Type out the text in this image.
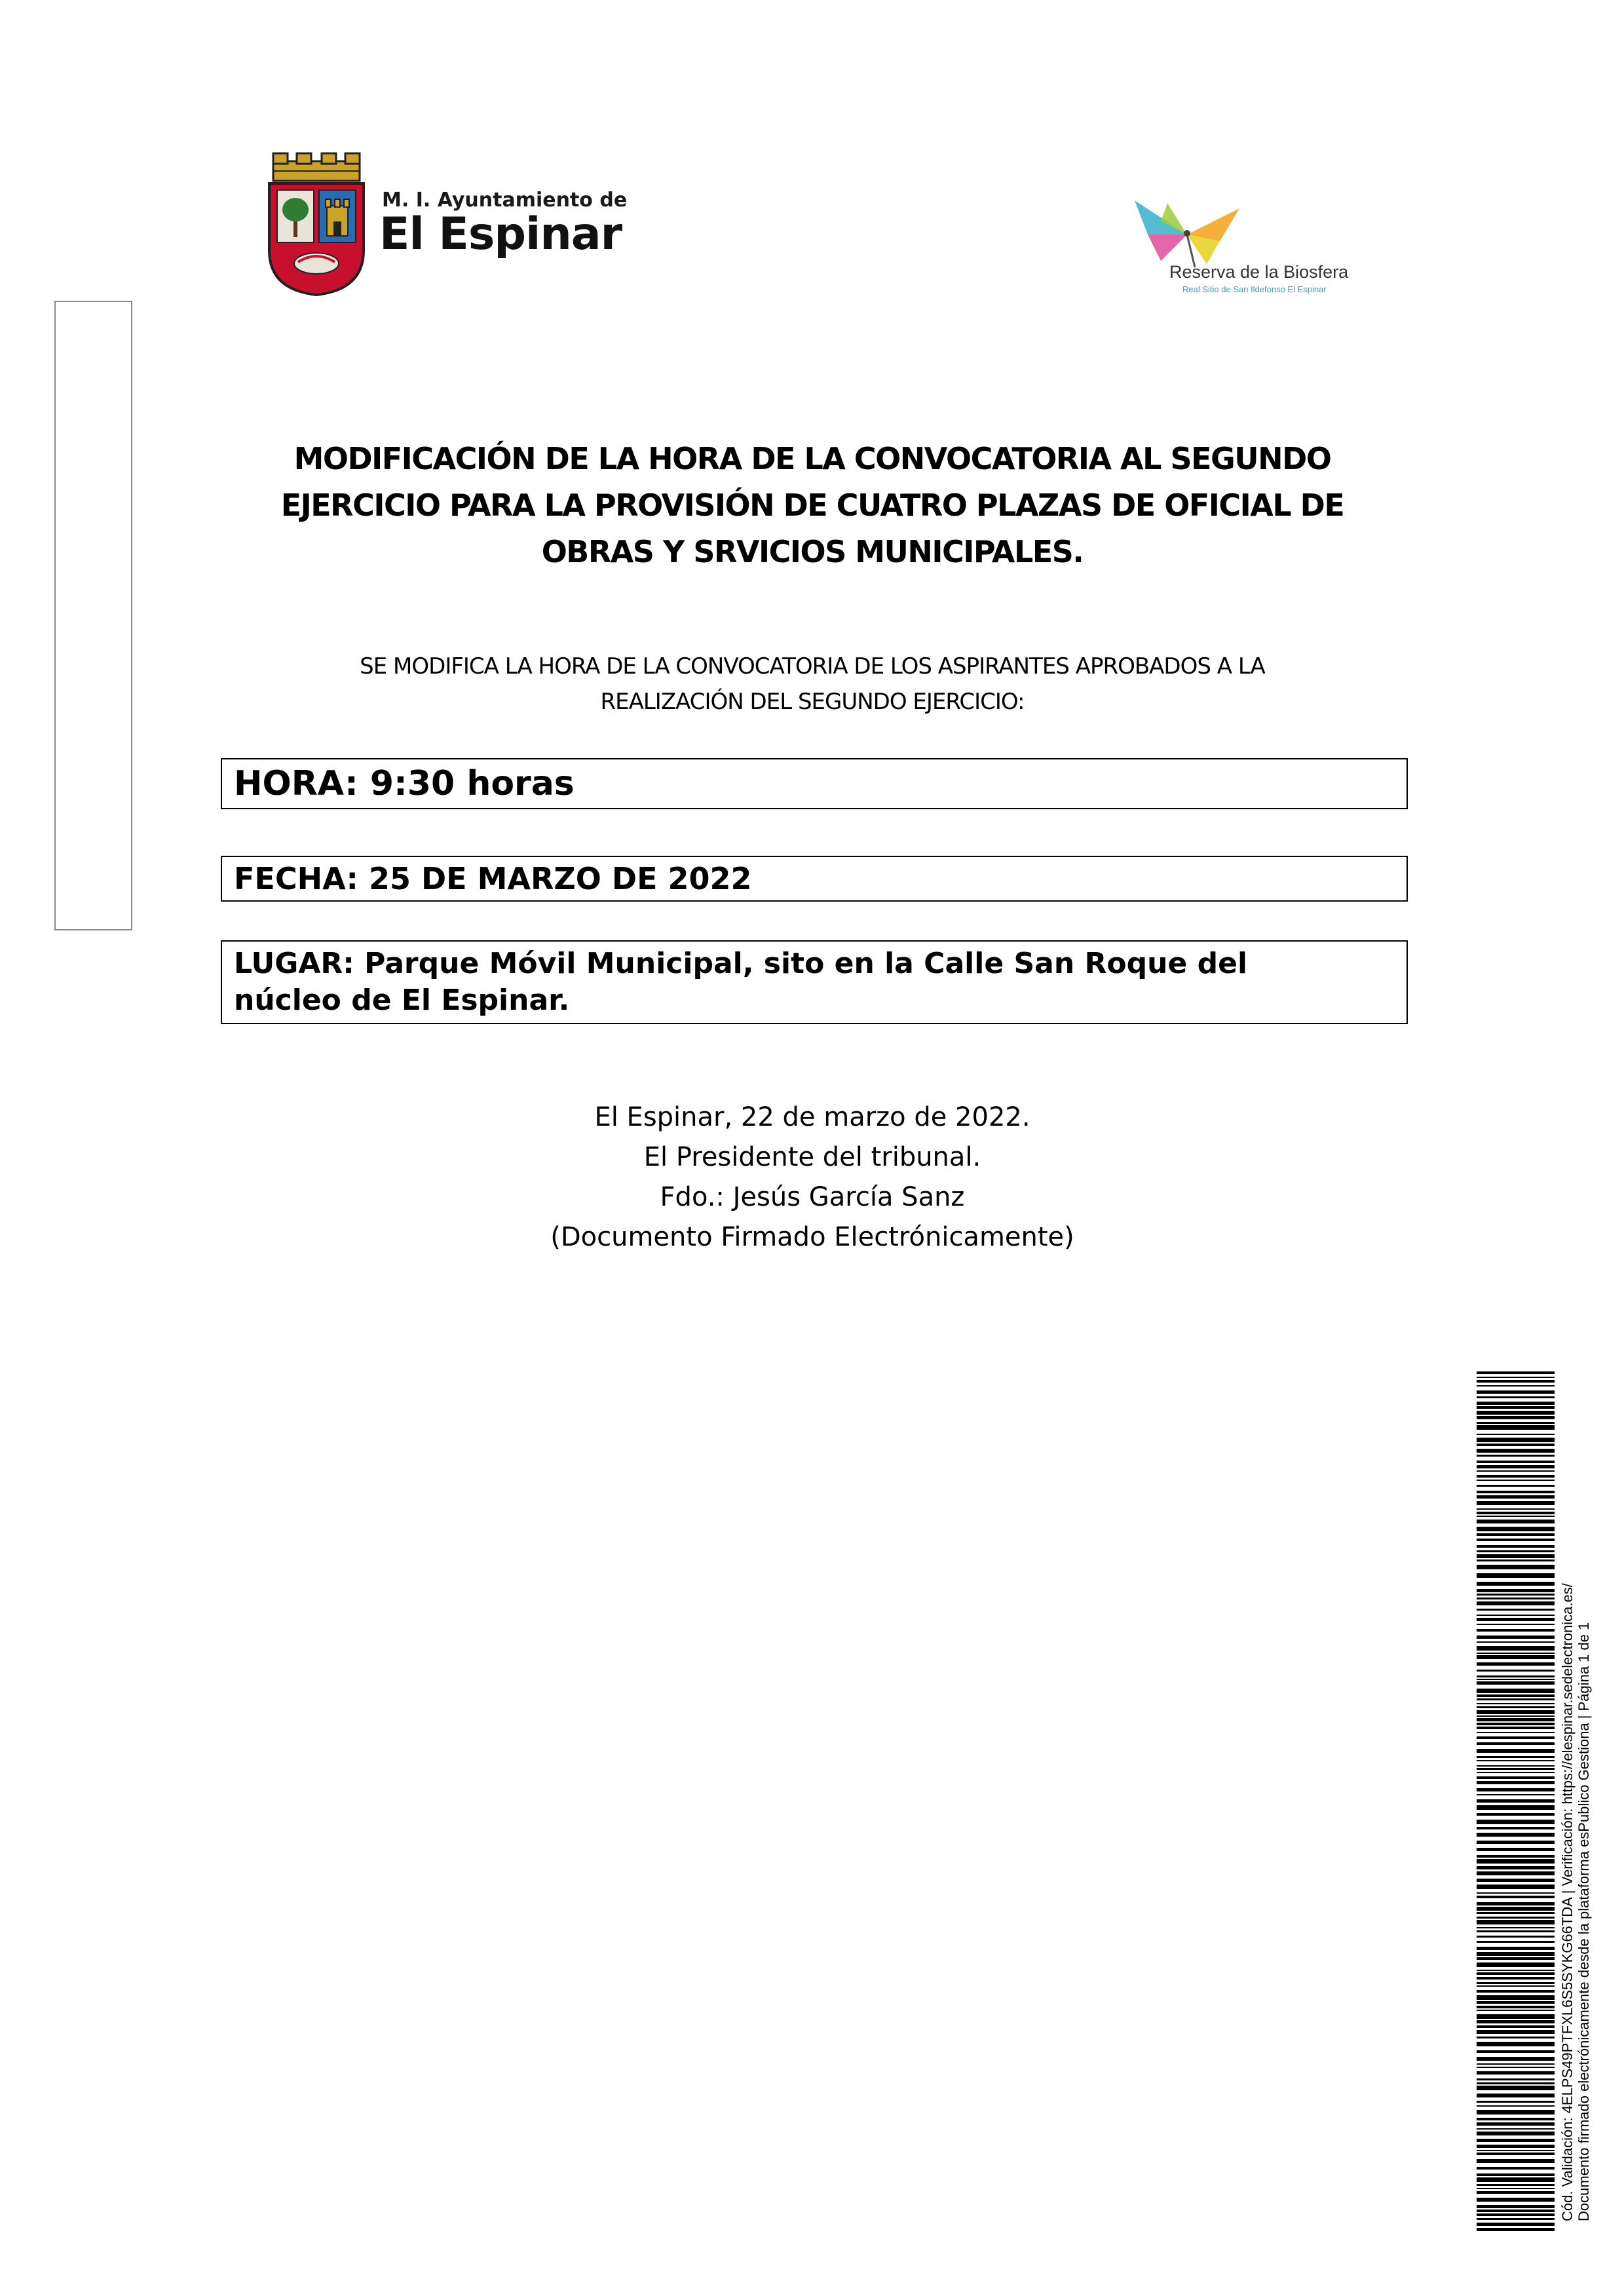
M. I. Ayuntamiento de
El Espinar
Reserva de la Biosfera
Real Sitio de San Ildefonso El Espinar
MODIFICACIÓN DE LA HORA DE LA CONVOCATORIA AL SEGUNDO
EJERCICIO PARA LA PROVISIÓN DE CUATRO PLAZAS DE OFICIAL DE
OBRAS Y SRVICIOS MUNICIPALES.
SE MODIFICA LA HORA DE LA CONVOCATORIA DE LOS ASPIRANTES APROBADOS A LA
REALIZACIÓN DEL SEGUNDO EJERCICIO:
HORA: 9:30 horas
FECHA: 25 DE MARZO DE 2022
LUGAR: Parque Móvil Municipal, sito en la Calle San Roque del
núcleo de El Espinar.
El Espinar, 22 de marzo de 2022.
El Presidente del tribunal.
Fdo.: Jesús García Sanz
(Documento Firmado Electrónicamente)
Cód. Validación: 4ELPS49PTFXL6S5SYKG66TDA | Verificación: https://elespinar.sedelectronica.es/ Documento firmado electrónicamente desde la plataforma esPublico Gestiona | Página 1 de 1
